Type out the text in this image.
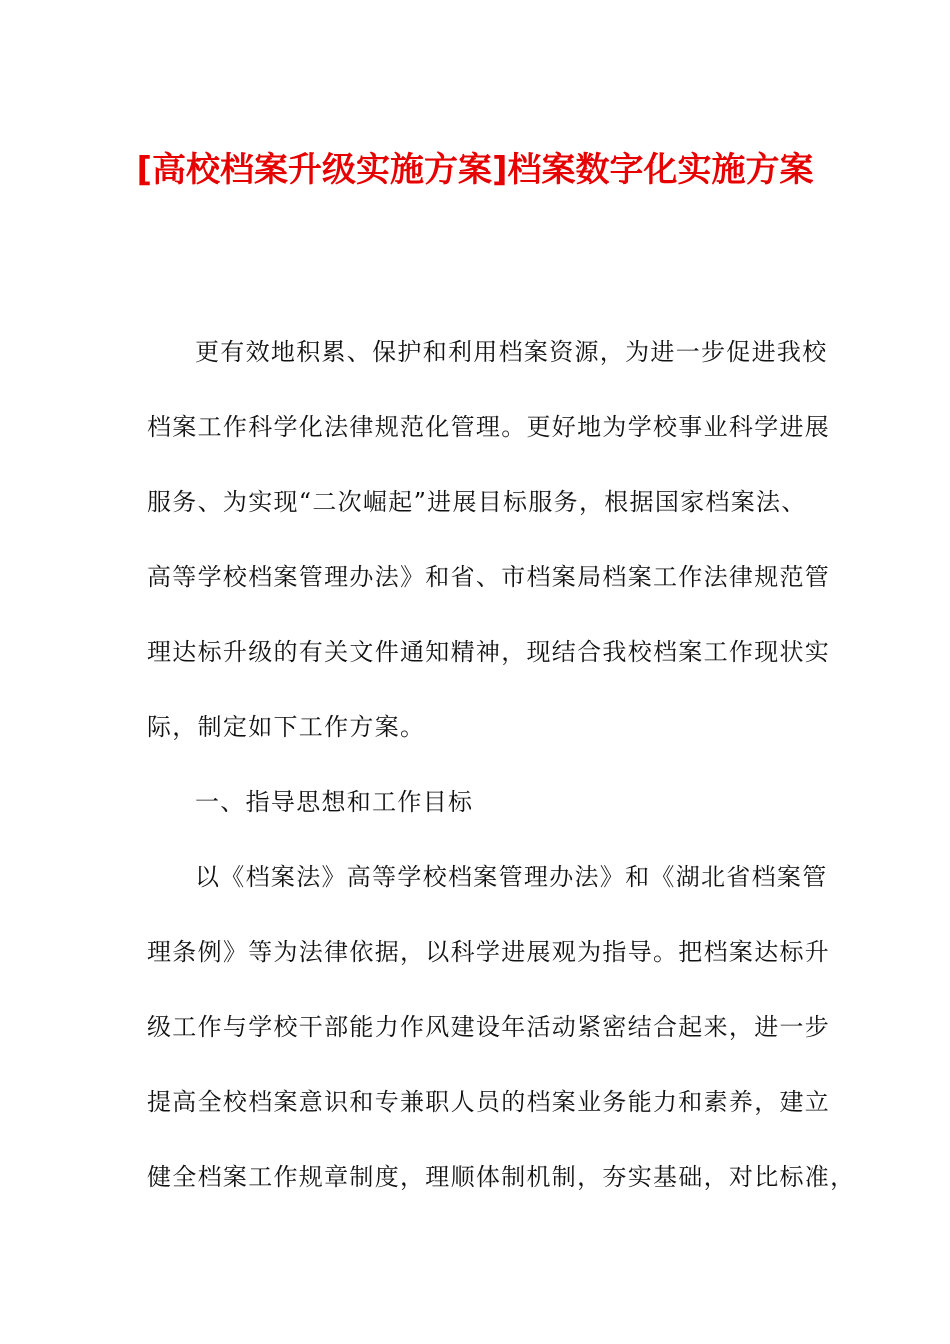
[高校档案升级实施方案]档案数字化实施方案

更有效地积累、保护和利用档案资源，为进一步促进我校

档案工作科学化法律规范化管理。更好地为学校事业科学进展

服务、为实现“二次崛起”进展目标服务，根据国家档案法、

高等学校档案管理办法》和省、市档案局档案工作法律规范管

理达标升级的有关文件通知精神，现结合我校档案工作现状实

际，制定如下工作方案。

一、指导思想和工作目标

以《档案法》高等学校档案管理办法》和《湖北省档案管

理条例》等为法律依据，以科学进展观为指导。把档案达标升

级工作与学校干部能力作风建设年活动紧密结合起来，进一步

提高全校档案意识和专兼职人员的档案业务能力和素养，建立

健全档案工作规章制度，理顺体制机制，夯实基础，对比标准，
